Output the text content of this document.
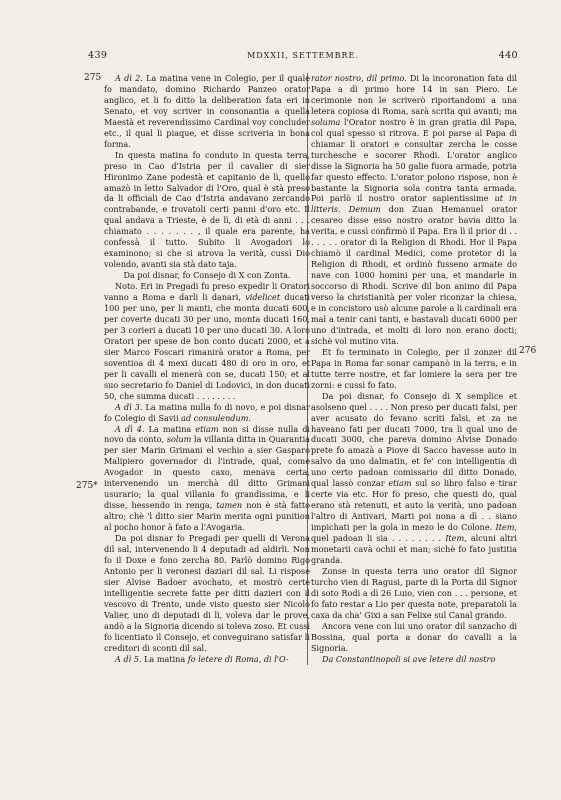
439	MDXXII, SETTEMBRE.	440
275
275*
276

A dì 2. La matina vene in Colegio, per il quale fo mandato, domino Richardo Panzeo orator anglico, et li fo ditto la deliberation fata eri in Senato, et voy scriver in consonantia a quella Maestà et reverendissimo Cardinal voy concluder etc., il qual li piaque, et disse scriveria in bona forma.

In questa matina fo conduto in questa terra, preso in Cao d'Istria per il cavalier di sier Hironimo Zane podestà et capitanio de lì, quello amazò in letto Salvador di l'Oro, qual è stà preso da li officiali de Cao d'Istria andavano zercando contrabande, e trovatoli certi panni d'oro etc. Il qual andava a Trieste, è de lì, di età di anni . . . chiamato . . . . . . . , il quale era parente, ha confessà il tutto. Subito li Avogadori lo examinono; si che si atrova la verità, cussì Dio volendo, avanti sia stà dato taja.

Da poi disnar, fo Consejo di X con Zonta.

Noto. Eri in Pregadi fu preso expedir li Oratori vanno a Roma e darli li danari, videlicet ducati 100 per uno, per li manti, che monta ducati 600, per coverte ducati 30 per uno, monta ducati 160, per 3 corieri a ducati 10 per uno ducati 30. A loro Oratori per spese de bon conto ducati 2000, et a sier Marco Foscari rimanirà orator a Roma, per soventioa di 4 mexi ducati 480 di oro in oro, et per li cavalli el menerà con se, ducati 150; et al suo secretario fo Daniel di Lodovici, in don ducati 50, che summa ducati . . . . . . . .

A dì 3. La matina nulla fo di novo, e poi disnar fo Colegio di Savii ad consulendum.

A dì 4. La matina etiam non si disse nulla di novo da conto, solum la villania ditta in Quarantia per sier Marin Grimani el vechio a sier Gasparo Malipiero governador di l'intrade, qual, come Avogador in questo caxo, menava certa, intervenendo un merchà dil ditto Grimani usurario; la qual villania fo grandissima, e li disse, hessendo in renga, tamen non è stà fatto altro; chè 'l ditto sier Marin merita ogni punition al pocho honor à fato a l'Avogaria.

Da poi disnar fo Pregadi per quelli di Verona dil sal, intervenendo li 4 deputadi ad aldirli. Non fo il Doxe e fono zercha 80. Parlò domino Rigo Antonio per li veronesi daziari dil sal. Li rispose sier Alvise Badoer avochato, et mostrò certe intelligentie secrete fatte per ditti dazieri con il vescovo di Trento, unde visto questo sier Nicolò Valier, uno di deputadi di lì, voleva dar le prove, andò a la Signoria dicendo si toleva zoso. Et cussì fo licentiato il Consejo, et conveguirano satisfar li creditori di sconti dil sal.

A dì 5. La matina fo letere di Roma, di l'O-

rator nostro, dil primo. Di la incoronation fata dil Papa a dì primo hore 14 in san Piero. Le cerimonie non le scriverò riportandomi a una letera copiosa di Roma, sarà scrita qui avanti; ma soluma l'Orator nostro è in gran gratia dil Papa, col qual spesso si ritrova. E poi parse al Papa di chiamar li oratori e consultar zercha le cosse turchesche e socorer Rhodi. L'orator anglico disse la Signoria ha 50 galie fuora armade, potria far questo effecto. L'orator polono rispose, non è bastante la Signoria sola contra tanta armada. Poi parlò il nostro orator sapientissime ut in litteris. Demum don Zuan Hemanuel orator cesareo disse esso nostro orator havia ditto la verita, e cussì confirmò il Papa. Era lì il prior di . . . . . . . orator di la Religion di Rhodi. Hor il Papa chiamò il cardinal Medici, come protetor di la Religion di Rhodi, et ordinò fusseno armate do nave con 1000 homini per una, et mandarle in soccorso di Rhodi. Scrive dil bon animo dil Papa verso la christianità per voler riconzar la chiesa, e in concistoro usò alcune parole a li cardinali era mal a tenir cani tanti, e bastavali ducati 6000 per uno d'intrada, et molti di loro non erano docti; sichè vol mutino vita.

Et fo terminato in Colegio, per il zonzer dil Papa in Roma far sonar campanò in la terra, e in tutte terre nostre, et far lomiere la sera per tre zorni: e cussì fo fato.

Da poi disnar, fo Consejo di X semplice et asolseno quel . . . . Non preso per ducati falsi, per aver acusato do fevano scriti falsi, et za ne haveano fati per ducati 7000, tra li qual uno de ducati 3000, che pareva domino Alvise Donado prete fo amazà a Piove di Sacco havesse auto in salvo da uno dalmatin, et fe' con intelligentia di uno certo padoan comissario dil ditto Donado, qual lassò conzar etiam sul so libro falso e tirar certe via etc. Hor fo preso, che questi do, qual erano stà retenuti, et auto la verità, uno padoan l'altro di Antivari, Marti poi nona a dì . . siano impichati per la gola in mezo le do Colone. Item, quel padoan li sia . . . . . . . . Item, alcuni altri monetarii cavà ochii et man; sichè fo fato justitia granda.

Zonse in questa terra uno orator dil Signor turcho vien di Ragusi, parte di la Porta dil Signor di soto Rodi a dì 26 Luio, vien con . . . persone, et fo fato restar a Lio per questa note, preparatoli la caxa da cha' Gixi a san Felixe sul Canal grando.

Ancora vene con lui uno orator dil sanzacho di Bossina, qual porta a donar do cavalli a la Signoria.

Da Constantinopoli si ave letere dil nostro
